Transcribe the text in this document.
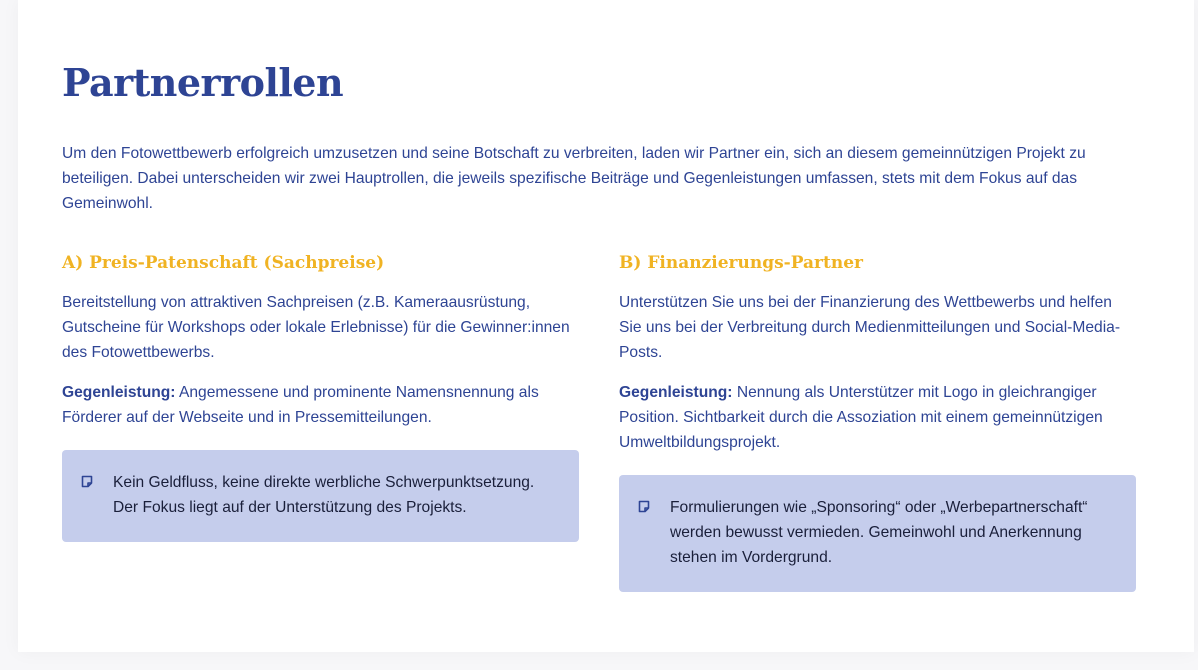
Partnerrollen

Um den Fotowettbewerb erfolgreich umzusetzen und seine Botschaft zu verbreiten, laden wir Partner ein, sich an diesem gemeinnützigen Projekt zu beteiligen. Dabei unterscheiden wir zwei Hauptrollen, die jeweils spezifische Beiträge und Gegenleistungen umfassen, stets mit dem Fokus auf das Gemeinwohl.

A) Preis-Patenschaft (Sachpreise)

Bereitstellung von attraktiven Sachpreisen (z.B. Kameraausrüstung, Gutscheine für Workshops oder lokale Erlebnisse) für die Gewinner:innen des Fotowettbewerbs.

Gegenleistung: Angemessene und prominente Namensnennung als Förderer auf der Webseite und in Pressemitteilungen.

Kein Geldfluss, keine direkte werbliche Schwerpunktsetzung. Der Fokus liegt auf der Unterstützung des Projekts.

B) Finanzierungs-Partner

Unterstützen Sie uns bei der Finanzierung des Wettbewerbs und helfen Sie uns bei der Verbreitung durch Medienmitteilungen und Social-Media-Posts.

Gegenleistung: Nennung als Unterstützer mit Logo in gleichrangiger Position. Sichtbarkeit durch die Assoziation mit einem gemeinnützigen Umweltbildungsprojekt.

Formulierungen wie „Sponsoring“ oder „Werbepartnerschaft“ werden bewusst vermieden. Gemeinwohl und Anerkennung stehen im Vordergrund.
